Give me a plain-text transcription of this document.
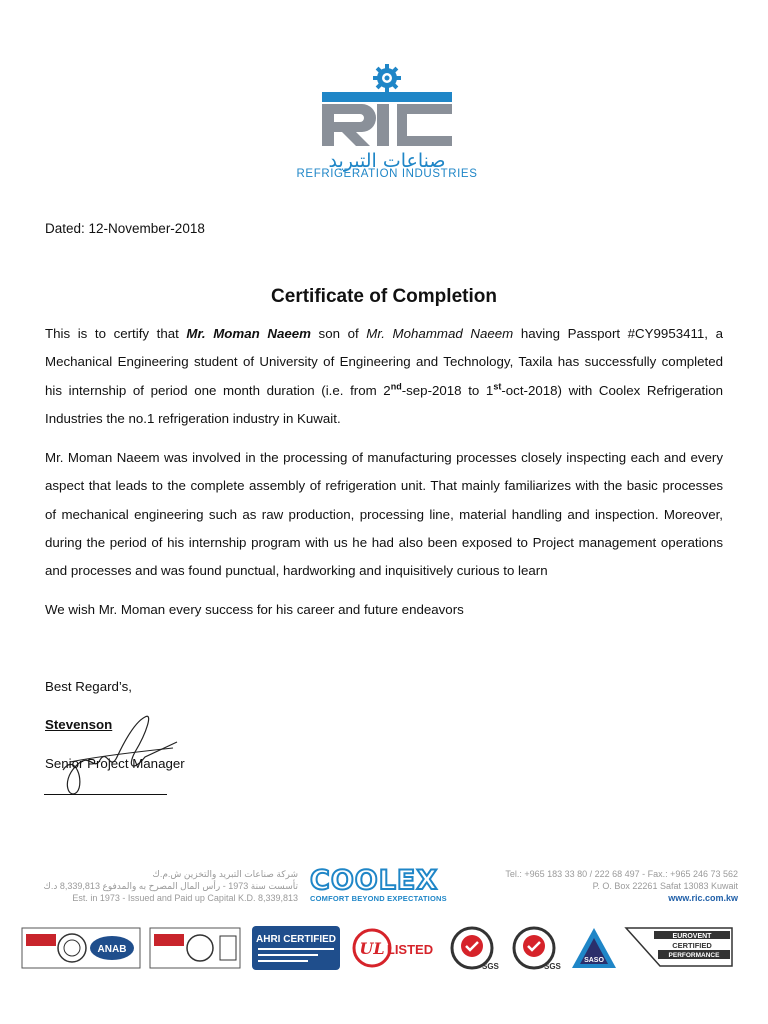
صناعات التبريد
REFRIGERATION INDUSTRIES
Dated: 12-November-2018
Certificate of Completion
This is to certify that Mr. Moman Naeem son of Mr. Mohammad Naeem having Passport #CY9953411, a Mechanical Engineering student of University of Engineering and Technology, Taxila has successfully completed his internship of period one month duration (i.e. from 2nd-sep-2018 to 1st-oct-2018) with Coolex Refrigeration Industries the no.1 refrigeration industry in Kuwait.
Mr. Moman Naeem was involved in the processing of manufacturing processes closely inspecting each and every aspect that leads to the complete assembly of refrigeration unit. That mainly familiarizes with the basic processes of mechanical engineering such as raw production, processing line, material handling and inspection. Moreover, during the period of his internship program with us he had also been exposed to Project management operations and processes and was found punctual, hardworking and inquisitively curious to learn
We wish Mr. Moman every success for his career and future endeavors
Best Regard’s,
Stevenson
Senior Project Manager
شركة صناعات التبريد والتخزين ش.م.ك
تأسست سنة 1973 - رأس المال المصرح به والمدفوع 8,339,813 د.ك
Est. in 1973 - Issued and Paid up Capital K.D. 8,339,813
COOLEX
COMFORT BEYOND EXPECTATIONS
Tel.: +965 183 33 80 / 222 68 497 - Fax.: +965 246 73 562
P. O. Box 22261 Safat 13083 Kuwait
www.ric.com.kw
ANAB
AHRI CERTIFIED UL LISTED
SGS	SGS
SASO
EUROVENT
CERTIFIED
PERFORMANCE
